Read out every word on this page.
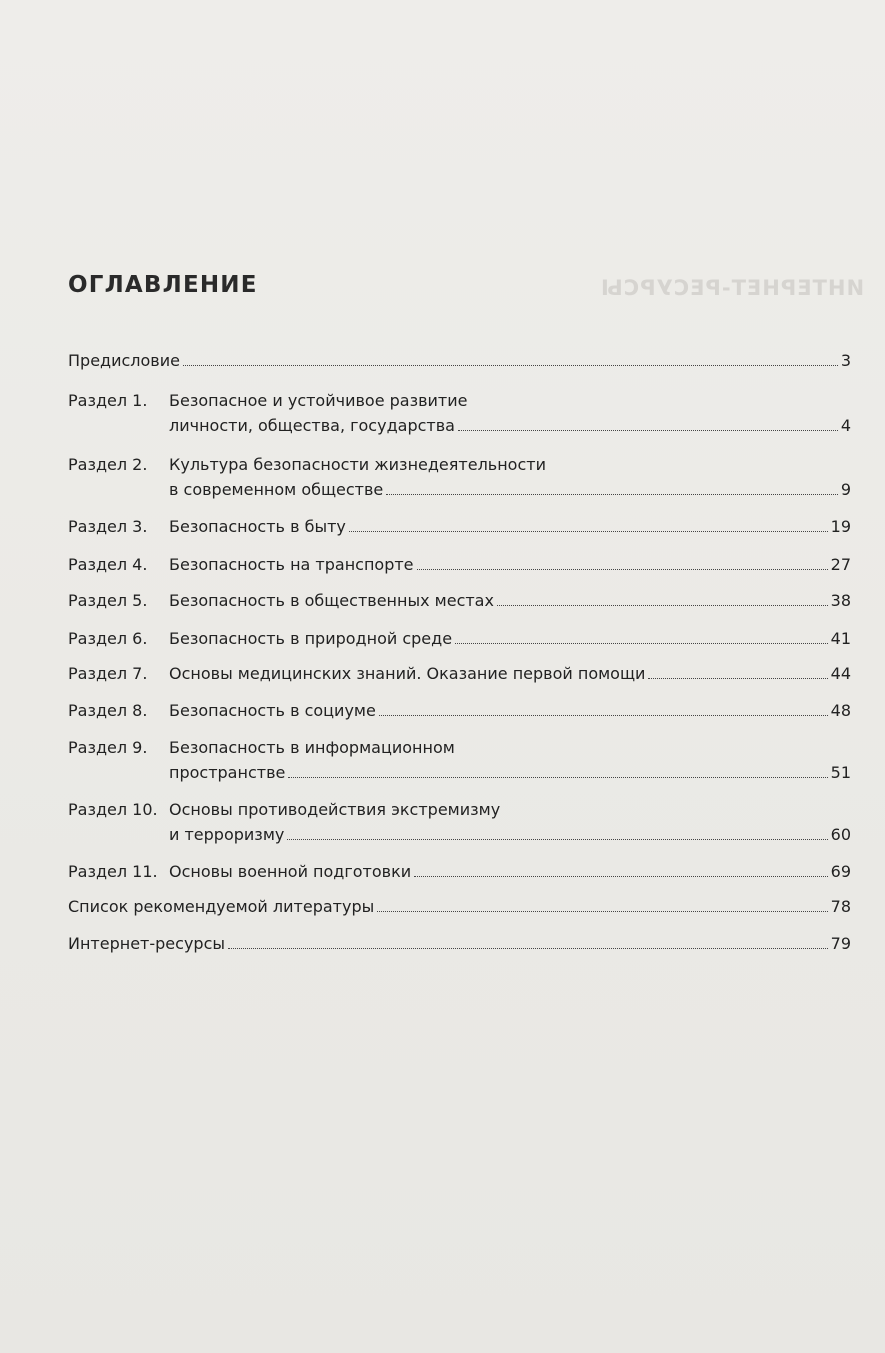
ИНТЕРНЕТ-РЕСУРСЫ
ОГЛАВЛЕНИЕ
Предисловие	3
Раздел 1.	Безопасное и устойчивое развитие
личности, общества, государства	4
Раздел 2.	Культура безопасности жизнедеятельности
в современном обществе	9
Раздел 3.	Безопасность в быту	19
Раздел 4.	Безопасность на транспорте	27
Раздел 5.	Безопасность в общественных местах	38
Раздел 6.	Безопасность в природной среде	41
Раздел 7.	Основы медицинских знаний. Оказание первой помощи	44
Раздел 8.	Безопасность в социуме	48
Раздел 9.	Безопасность в информационном
пространстве	51
Раздел 10. Основы противодействия экстремизму
и терроризму	60
Раздел 11. Основы военной подготовки	69
Список рекомендуемой литературы	78
Интернет-ресурсы	79
